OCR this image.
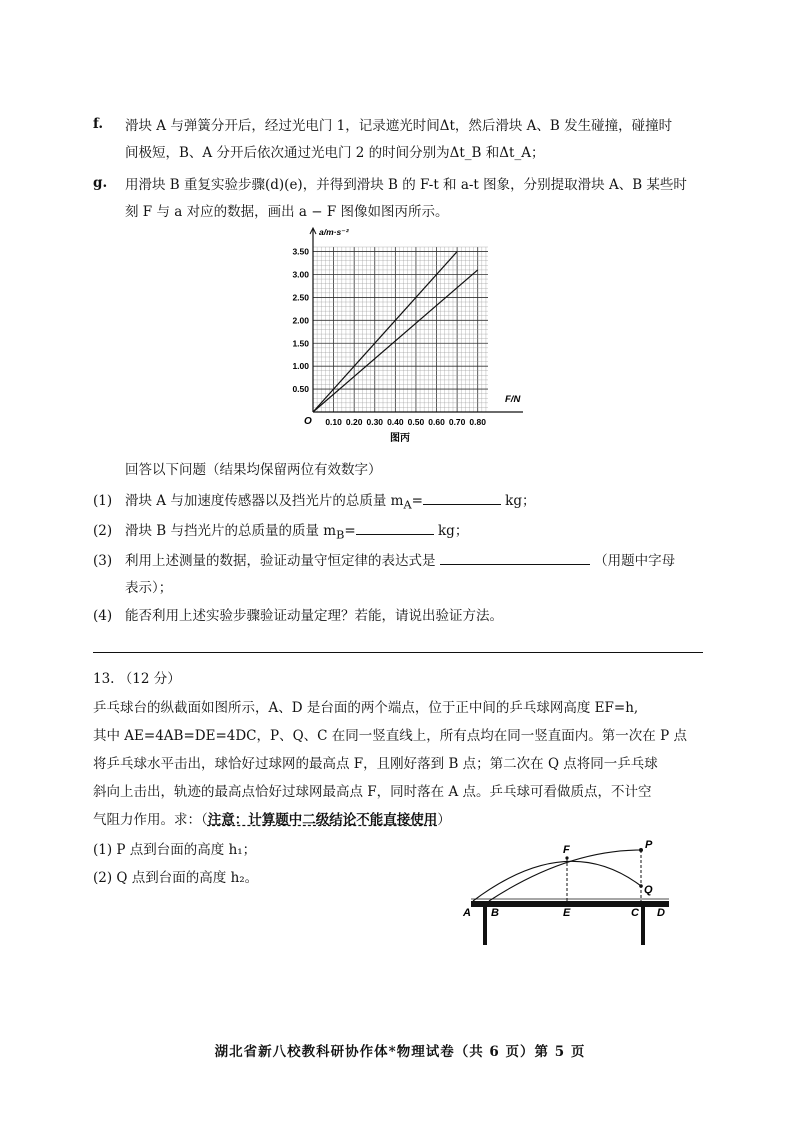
f. 滑块 A 与弹簧分开后，经过光电门 1，记录遮光时间Δt，然后滑块 A、B 发生碰撞，碰撞时
间极短，B、A 分开后依次通过光电门 2 的时间分别为Δt_B 和Δt_A；
g. 用滑块 B 重复实验步骤(d)(e)，并得到滑块 B 的 F-t 和 a-t 图象，分别提取滑块 A、B 某些时
刻 F 与 a 对应的数据，画出 a − F 图像如图丙所示。
0.10 0.20 0.30 0.40 0.50 0.60 0.70 0.80
0.50
1.00
1.50
2.00
2.50
3.00
3.50
O
F/N
a/m·s⁻²
图丙
回答以下问题（结果均保留两位有效数字）
(1) 滑块 A 与加速度传感器以及挡光片的总质量 $m_A=$	kg；
(2) 滑块 B 与挡光片的总质量的质量 $m_B=$	kg；
(3) 利用上述测量的数据，验证动量守恒定律的表达式是	（用题中字母
表示）；
(4) 能否利用上述实验步骤验证动量定理？若能，请说出验证方法。
13. （12 分）
乒乓球台的纵截面如图所示，A、D 是台面的两个端点，位于正中间的乒乓球网高度 EF=h,
其中 AE=4AB=DE=4DC，P、Q、C 在同一竖直线上，所有点均在同一竖直面内。第一次在 P 点
将乒乓球水平击出，球恰好过球网的最高点 F，且刚好落到 B 点；第二次在 Q 点将同一乒乓球
斜向上击出，轨迹的最高点恰好过球网最高点 F，同时落在 A 点。乒乓球可看做质点，不计空
气阻力作用。求：（注意：计算题中二级结论不能直接使用）
(1) P 点到台面的高度 h₁；
(2) Q 点到台面的高度 h₂。
A B	E	C D
F	P
Q
湖北省新八校教科研协作体*物理试卷（共 6 页）第 5 页
